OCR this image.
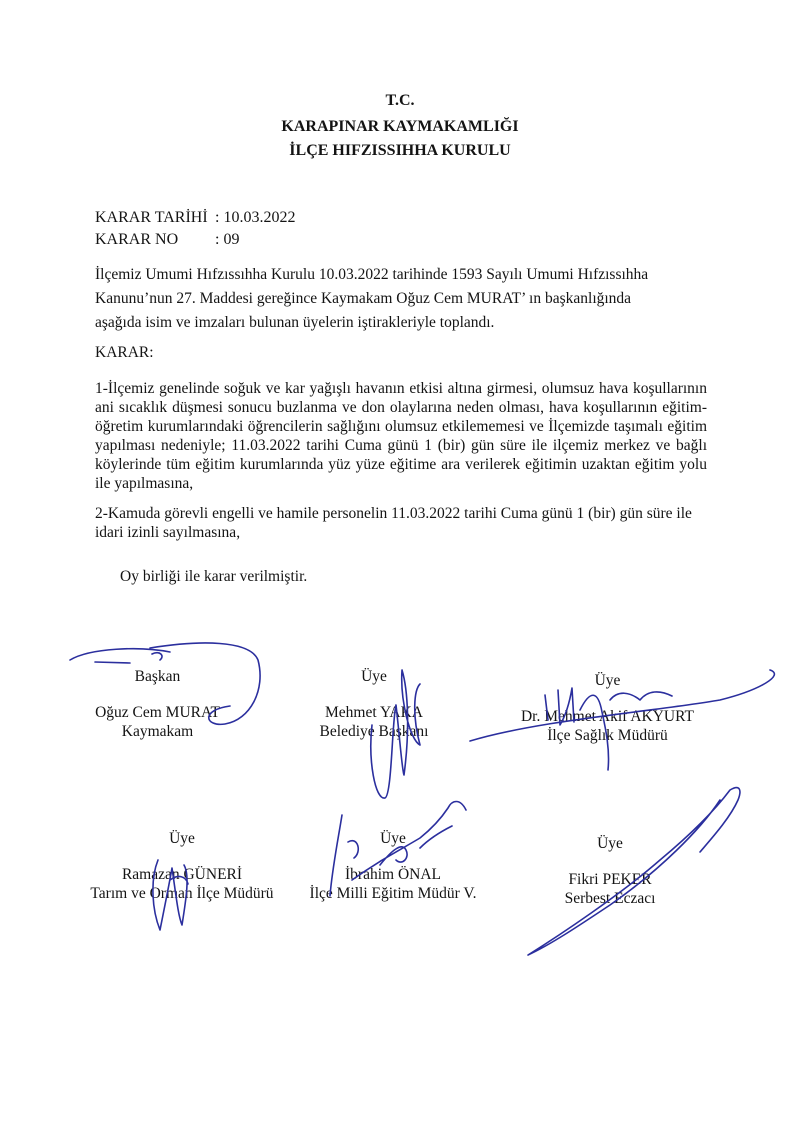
T.C.
KARAPINAR KAYMAKAMLIĞI
İLÇE HIFZISSIHHA KURULU
KARAR TARİHİ : 10.03.2022
KARAR NO : 09
İlçemiz Umumi Hıfzıssıhha Kurulu 10.03.2022 tarihinde 1593 Sayılı Umumi Hıfzıssıhha
Kanunu’nun 27. Maddesi gereğince Kaymakam Oğuz Cem MURAT’ ın başkanlığında
aşağıda isim ve imzaları bulunan üyelerin iştirakleriyle toplandı.
KARAR:
1-İlçemiz genelinde soğuk ve kar yağışlı havanın etkisi altına girmesi, olumsuz hava koşullarının ani sıcaklık düşmesi sonucu buzlanma ve don olaylarına neden olması, hava koşullarının eğitim-öğretim kurumlarındaki öğrencilerin sağlığını olumsuz etkilememesi ve İlçemizde taşımalı eğitim yapılması nedeniyle; 11.03.2022 tarihi Cuma günü 1 (bir) gün süre ile ilçemiz merkez ve bağlı köylerinde tüm eğitim kurumlarında yüz yüze eğitime ara verilerek eğitimin uzaktan eğitim yolu ile yapılmasına,
2-Kamuda görevli engelli ve hamile personelin 11.03.2022 tarihi Cuma günü 1 (bir) gün süre ile idari izinli sayılmasına,
Oy birliği ile karar verilmiştir.
Başkan
Oğuz Cem MURAT
Kaymakam
Üye
Mehmet YAKA
Belediye Başkanı
Üye
Dr. Mehmet Akif AKYURT
İlçe Sağlık Müdürü
Üye
Ramazan GÜNERİ
Tarım ve Orman İlçe Müdürü
Üye
İbrahim ÖNAL
İlçe Milli Eğitim Müdür V.
Üye
Fikri PEKER
Serbest Eczacı
